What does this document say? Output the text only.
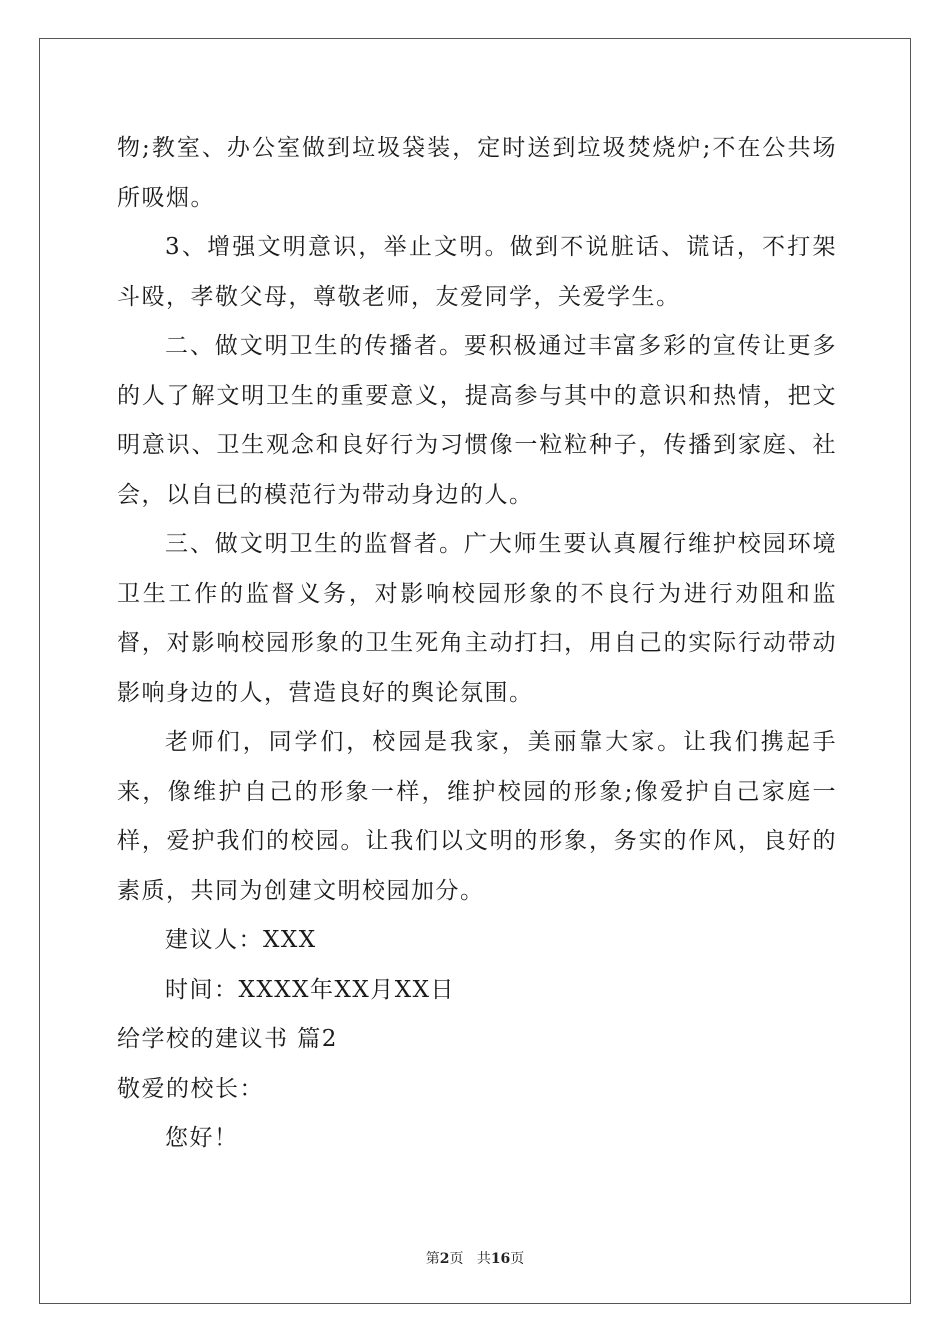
物;教室、办公室做到垃圾袋装，定时送到垃圾焚烧炉;不在公共场所吸烟。

3、增强文明意识，举止文明。做到不说脏话、谎话，不打架斗殴，孝敬父母，尊敬老师，友爱同学，关爱学生。

二、做文明卫生的传播者。要积极通过丰富多彩的宣传让更多的人了解文明卫生的重要意义，提高参与其中的意识和热情，把文明意识、卫生观念和良好行为习惯像一粒粒种子，传播到家庭、社会，以自已的模范行为带动身边的人。

三、做文明卫生的监督者。广大师生要认真履行维护校园环境卫生工作的监督义务，对影响校园形象的不良行为进行劝阻和监督，对影响校园形象的卫生死角主动打扫，用自己的实际行动带动影响身边的人，营造良好的舆论氛围。

老师们，同学们，校园是我家，美丽靠大家。让我们携起手来，像维护自己的形象一样，维护校园的形象;像爱护自己家庭一样，爱护我们的校园。让我们以文明的形象，务实的作风，良好的素质，共同为创建文明校园加分。

建议人：XXX

时间：XXXX年XX月XX日

给学校的建议书 篇2

敬爱的校长：

您好！

第2页 共16页
